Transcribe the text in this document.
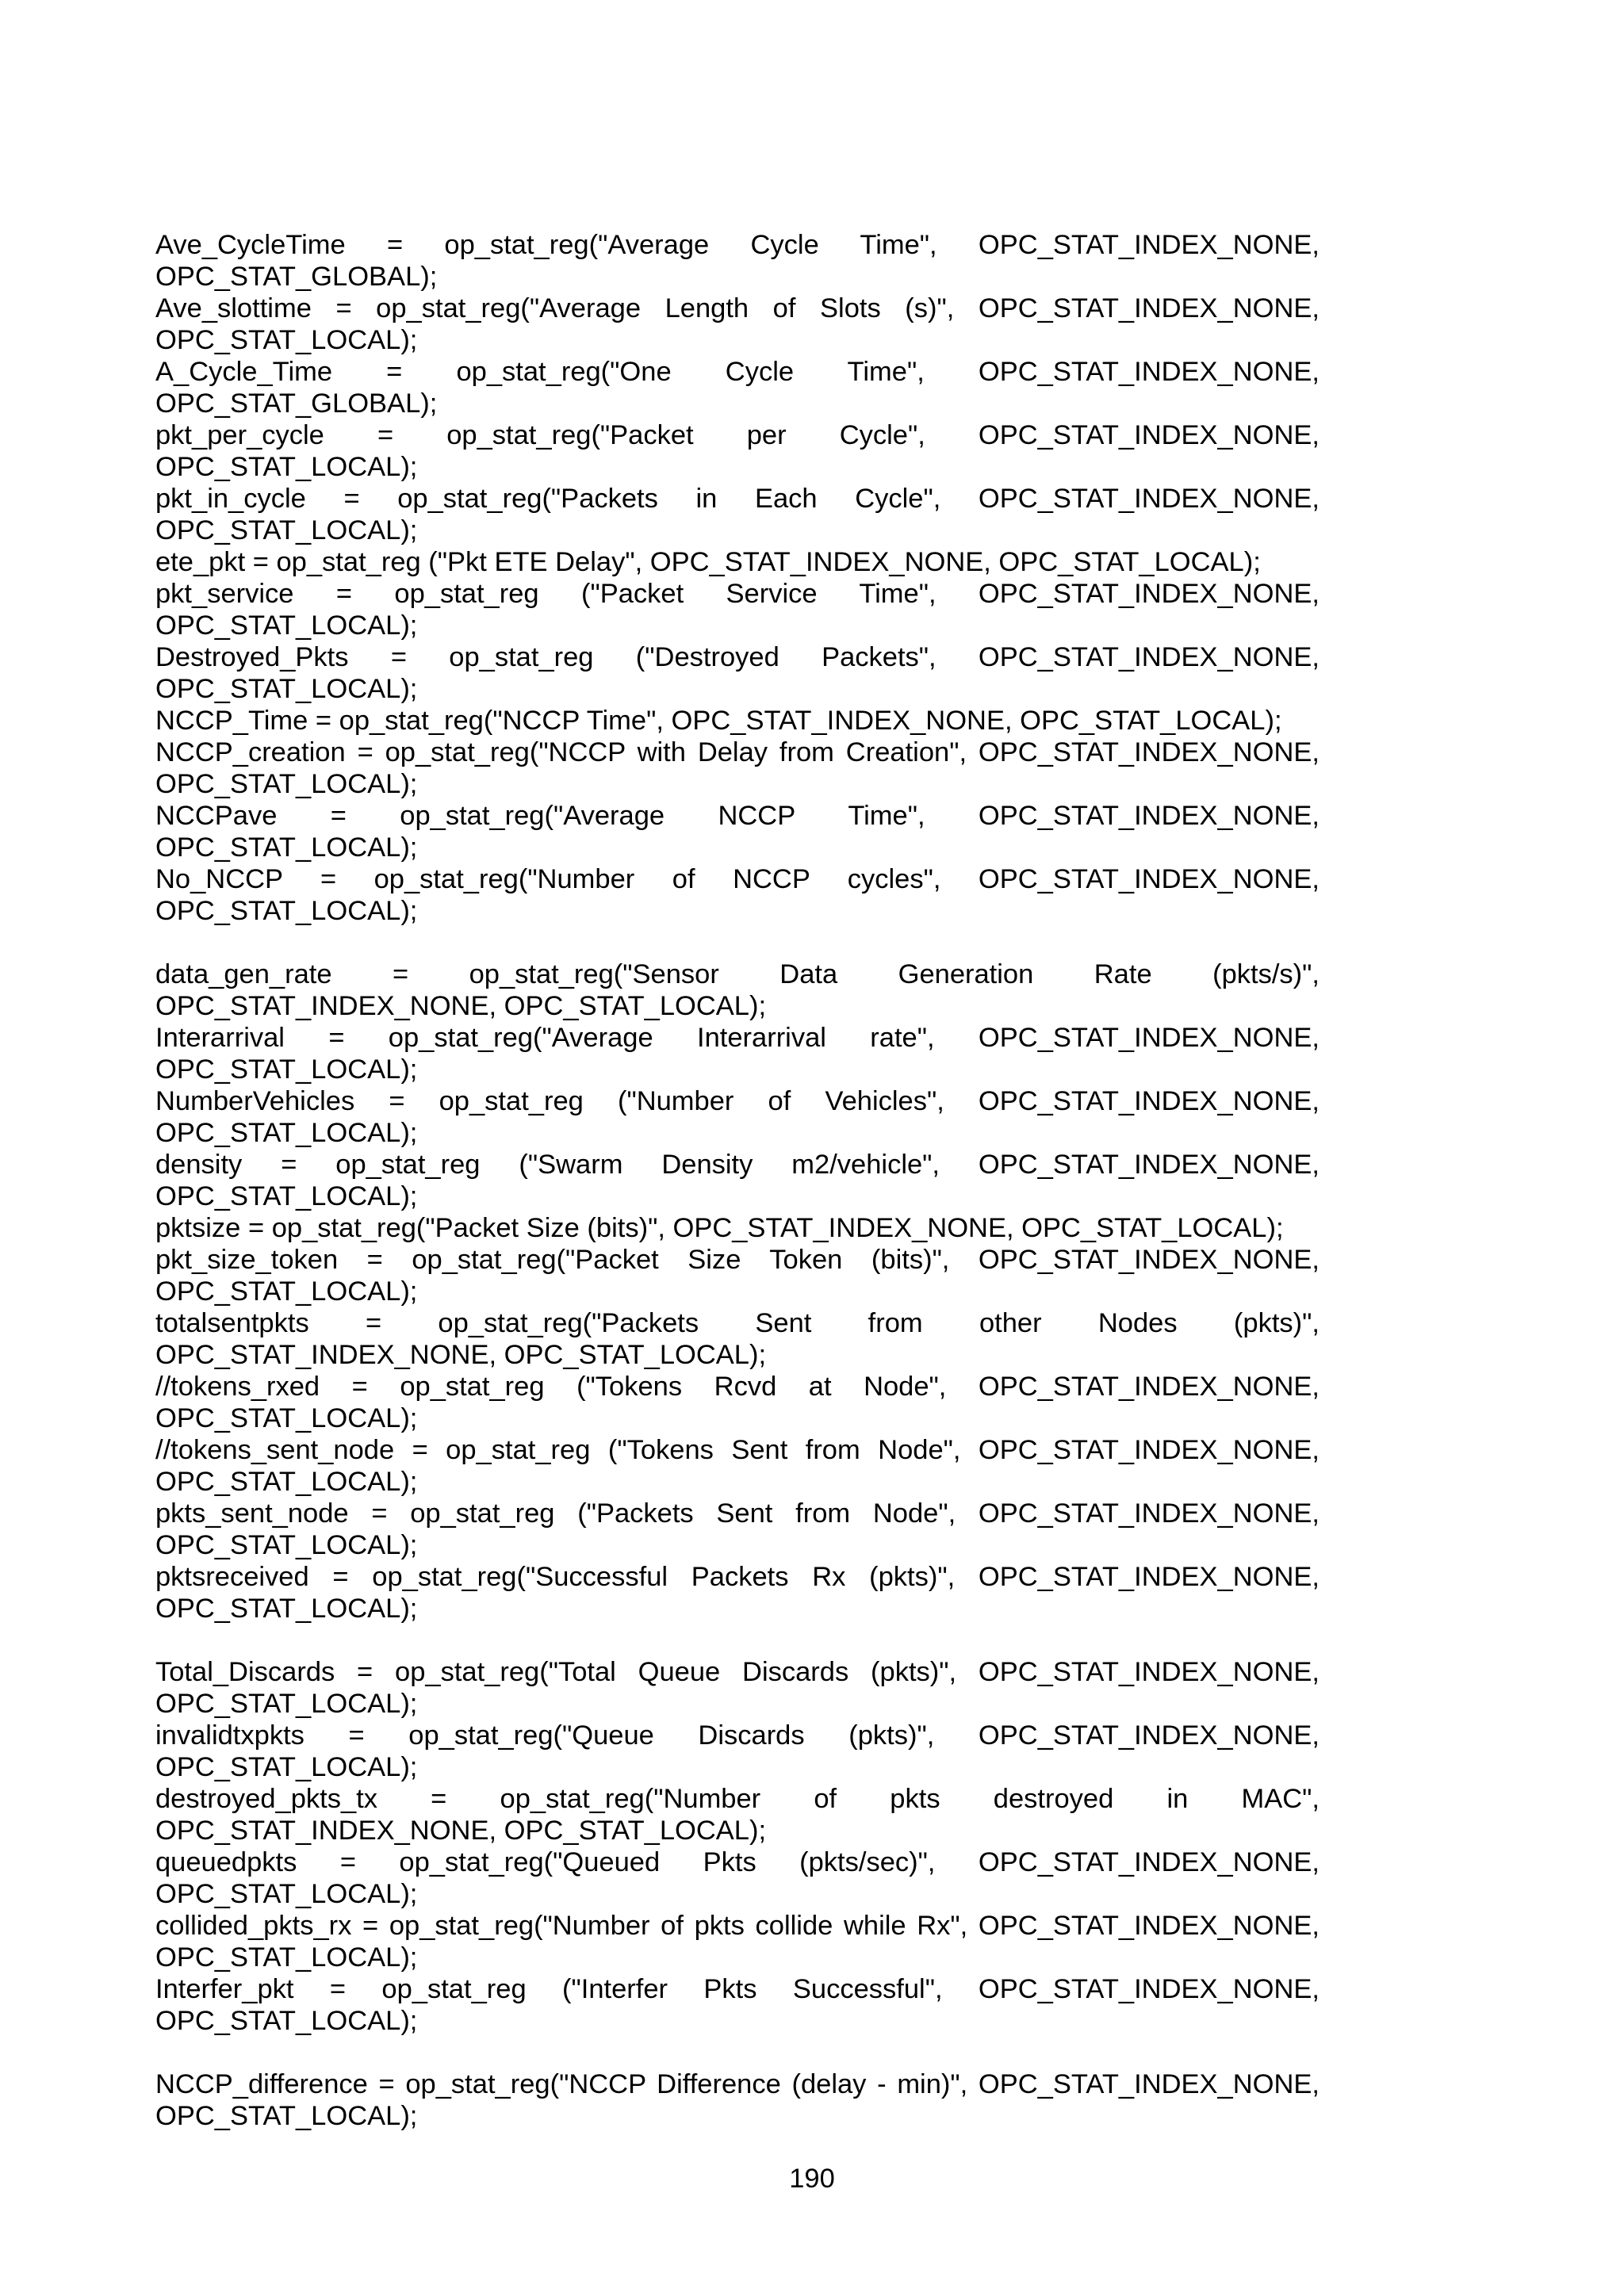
Ave_CycleTime = op_stat_reg("Average Cycle Time", OPC_STAT_INDEX_NONE, OPC_STAT_GLOBAL);

Ave_slottime = op_stat_reg("Average Length of Slots (s)", OPC_STAT_INDEX_NONE, OPC_STAT_LOCAL);

A_Cycle_Time = op_stat_reg("One Cycle Time", OPC_STAT_INDEX_NONE, OPC_STAT_GLOBAL);

pkt_per_cycle = op_stat_reg("Packet per Cycle", OPC_STAT_INDEX_NONE, OPC_STAT_LOCAL);

pkt_in_cycle = op_stat_reg("Packets in Each Cycle", OPC_STAT_INDEX_NONE, OPC_STAT_LOCAL);

ete_pkt = op_stat_reg ("Pkt ETE Delay", OPC_STAT_INDEX_NONE, OPC_STAT_LOCAL);

pkt_service = op_stat_reg ("Packet Service Time", OPC_STAT_INDEX_NONE, OPC_STAT_LOCAL);

Destroyed_Pkts = op_stat_reg ("Destroyed Packets", OPC_STAT_INDEX_NONE, OPC_STAT_LOCAL);

NCCP_Time = op_stat_reg("NCCP Time", OPC_STAT_INDEX_NONE, OPC_STAT_LOCAL);

NCCP_creation = op_stat_reg("NCCP with Delay from Creation", OPC_STAT_INDEX_NONE, OPC_STAT_LOCAL);

NCCPave = op_stat_reg("Average NCCP Time", OPC_STAT_INDEX_NONE, OPC_STAT_LOCAL);

No_NCCP = op_stat_reg("Number of NCCP cycles", OPC_STAT_INDEX_NONE, OPC_STAT_LOCAL);

data_gen_rate = op_stat_reg("Sensor Data Generation Rate (pkts/s)", OPC_STAT_INDEX_NONE, OPC_STAT_LOCAL);

Interarrival = op_stat_reg("Average Interarrival rate", OPC_STAT_INDEX_NONE, OPC_STAT_LOCAL);

NumberVehicles = op_stat_reg ("Number of Vehicles", OPC_STAT_INDEX_NONE, OPC_STAT_LOCAL);

density = op_stat_reg ("Swarm Density m2/vehicle", OPC_STAT_INDEX_NONE, OPC_STAT_LOCAL);

pktsize = op_stat_reg("Packet Size (bits)", OPC_STAT_INDEX_NONE, OPC_STAT_LOCAL);

pkt_size_token = op_stat_reg("Packet Size Token (bits)", OPC_STAT_INDEX_NONE, OPC_STAT_LOCAL);

totalsentpkts = op_stat_reg("Packets Sent from other Nodes (pkts)", OPC_STAT_INDEX_NONE, OPC_STAT_LOCAL);

//tokens_rxed = op_stat_reg ("Tokens Rcvd at Node", OPC_STAT_INDEX_NONE, OPC_STAT_LOCAL);

//tokens_sent_node = op_stat_reg ("Tokens Sent from Node", OPC_STAT_INDEX_NONE, OPC_STAT_LOCAL);

pkts_sent_node = op_stat_reg ("Packets Sent from Node", OPC_STAT_INDEX_NONE, OPC_STAT_LOCAL);

pktsreceived = op_stat_reg("Successful Packets Rx (pkts)", OPC_STAT_INDEX_NONE, OPC_STAT_LOCAL);

Total_Discards = op_stat_reg("Total Queue Discards (pkts)", OPC_STAT_INDEX_NONE, OPC_STAT_LOCAL);

invalidtxpkts = op_stat_reg("Queue Discards (pkts)", OPC_STAT_INDEX_NONE, OPC_STAT_LOCAL);

destroyed_pkts_tx = op_stat_reg("Number of pkts destroyed in MAC", OPC_STAT_INDEX_NONE, OPC_STAT_LOCAL);

queuedpkts = op_stat_reg("Queued Pkts (pkts/sec)", OPC_STAT_INDEX_NONE, OPC_STAT_LOCAL);

collided_pkts_rx = op_stat_reg("Number of pkts collide while Rx", OPC_STAT_INDEX_NONE, OPC_STAT_LOCAL);

Interfer_pkt = op_stat_reg ("Interfer Pkts Successful", OPC_STAT_INDEX_NONE, OPC_STAT_LOCAL);

NCCP_difference = op_stat_reg("NCCP Difference (delay - min)", OPC_STAT_INDEX_NONE, OPC_STAT_LOCAL);

190
